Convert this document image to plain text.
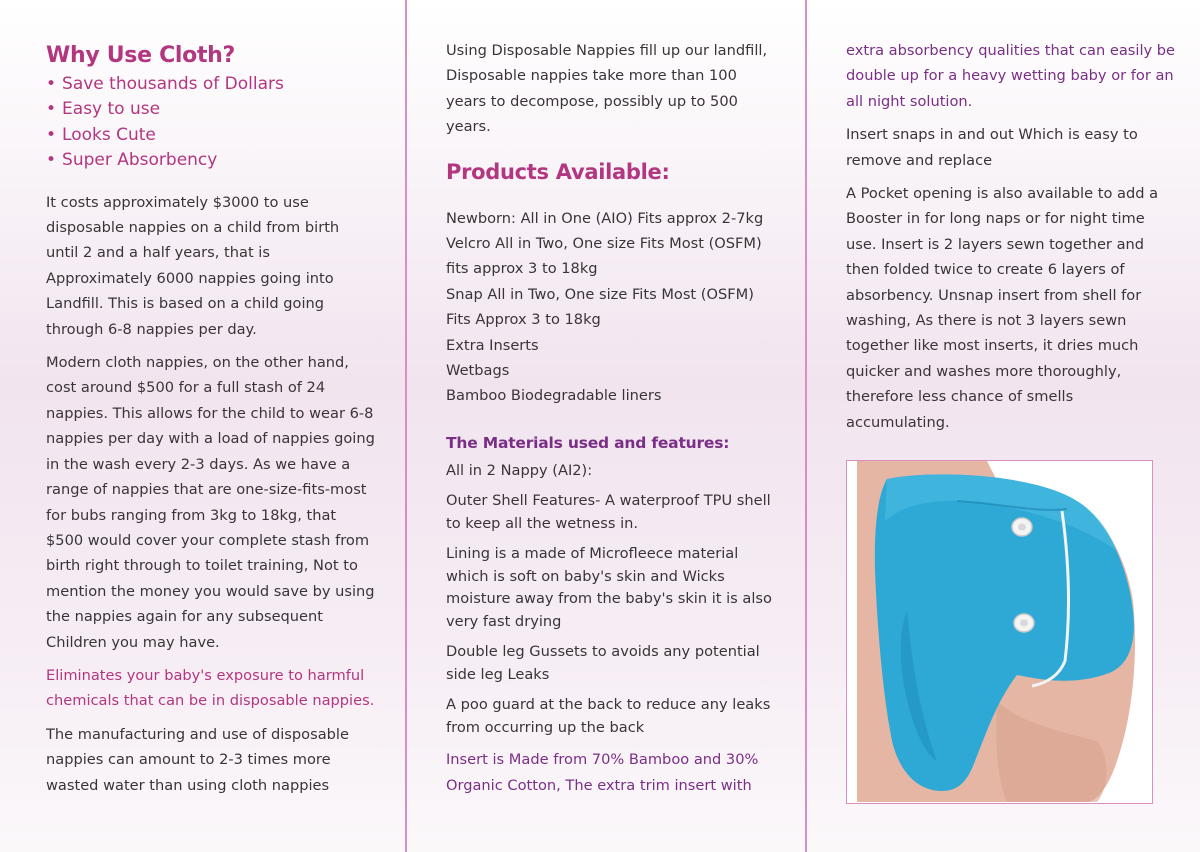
Why Use Cloth?
• Save thousands of Dollars
• Easy to use
• Looks Cute
• Super Absorbency

It costs approximately $3000 to use disposable nappies on a child from birth until 2 and a half years, that is Approximately 6000 nappies going into Landfill. This is based on a child going through 6-8 nappies per day.

Modern cloth nappies, on the other hand, cost around $500 for a full stash of 24 nappies. This allows for the child to wear 6-8 nappies per day with a load of nappies going in the wash every 2-3 days. As we have a range of nappies that are one-size-fits-most for bubs ranging from 3kg to 18kg, that $500 would cover your complete stash from birth right through to toilet training, Not to mention the money you would save by using the nappies again for any subsequent Children you may have.

Eliminates your baby's exposure to harmful chemicals that can be in disposable nappies.

The manufacturing and use of disposable nappies can amount to 2-3 times more wasted water than using cloth nappies

Using Disposable Nappies fill up our landfill, Disposable nappies take more than 100 years to decompose, possibly up to 500 years.

Products Available:
Newborn: All in One (AIO) Fits approx 2-7kg
Velcro All in Two, One size Fits Most (OSFM)
fits approx 3 to 18kg
Snap All in Two, One size Fits Most (OSFM)
Fits Approx 3 to 18kg
Extra Inserts
Wetbags
Bamboo Biodegradable liners
The Materials used and features:

All in 2 Nappy (AI2):

Outer Shell Features- A waterproof TPU shell to keep all the wetness in.

Lining is a made of Microfleece material which is soft on baby's skin and Wicks moisture away from the baby's skin it is also very fast drying

Double leg Gussets to avoids any potential side leg Leaks

A poo guard at the back to reduce any leaks from occurring up the back

Insert is Made from 70% Bamboo and 30% Organic Cotton, The extra trim insert with

extra absorbency qualities that can easily be double up for a heavy wetting baby or for an all night solution.

Insert snaps in and out Which is easy to remove and replace

A Pocket opening is also available to add a Booster in for long naps or for night time use. Insert is 2 layers sewn together and then folded twice to create 6 layers of absorbency. Unsnap insert from shell for washing, As there is not 3 layers sewn together like most inserts, it dries much quicker and washes more thoroughly, therefore less chance of smells accumulating.
